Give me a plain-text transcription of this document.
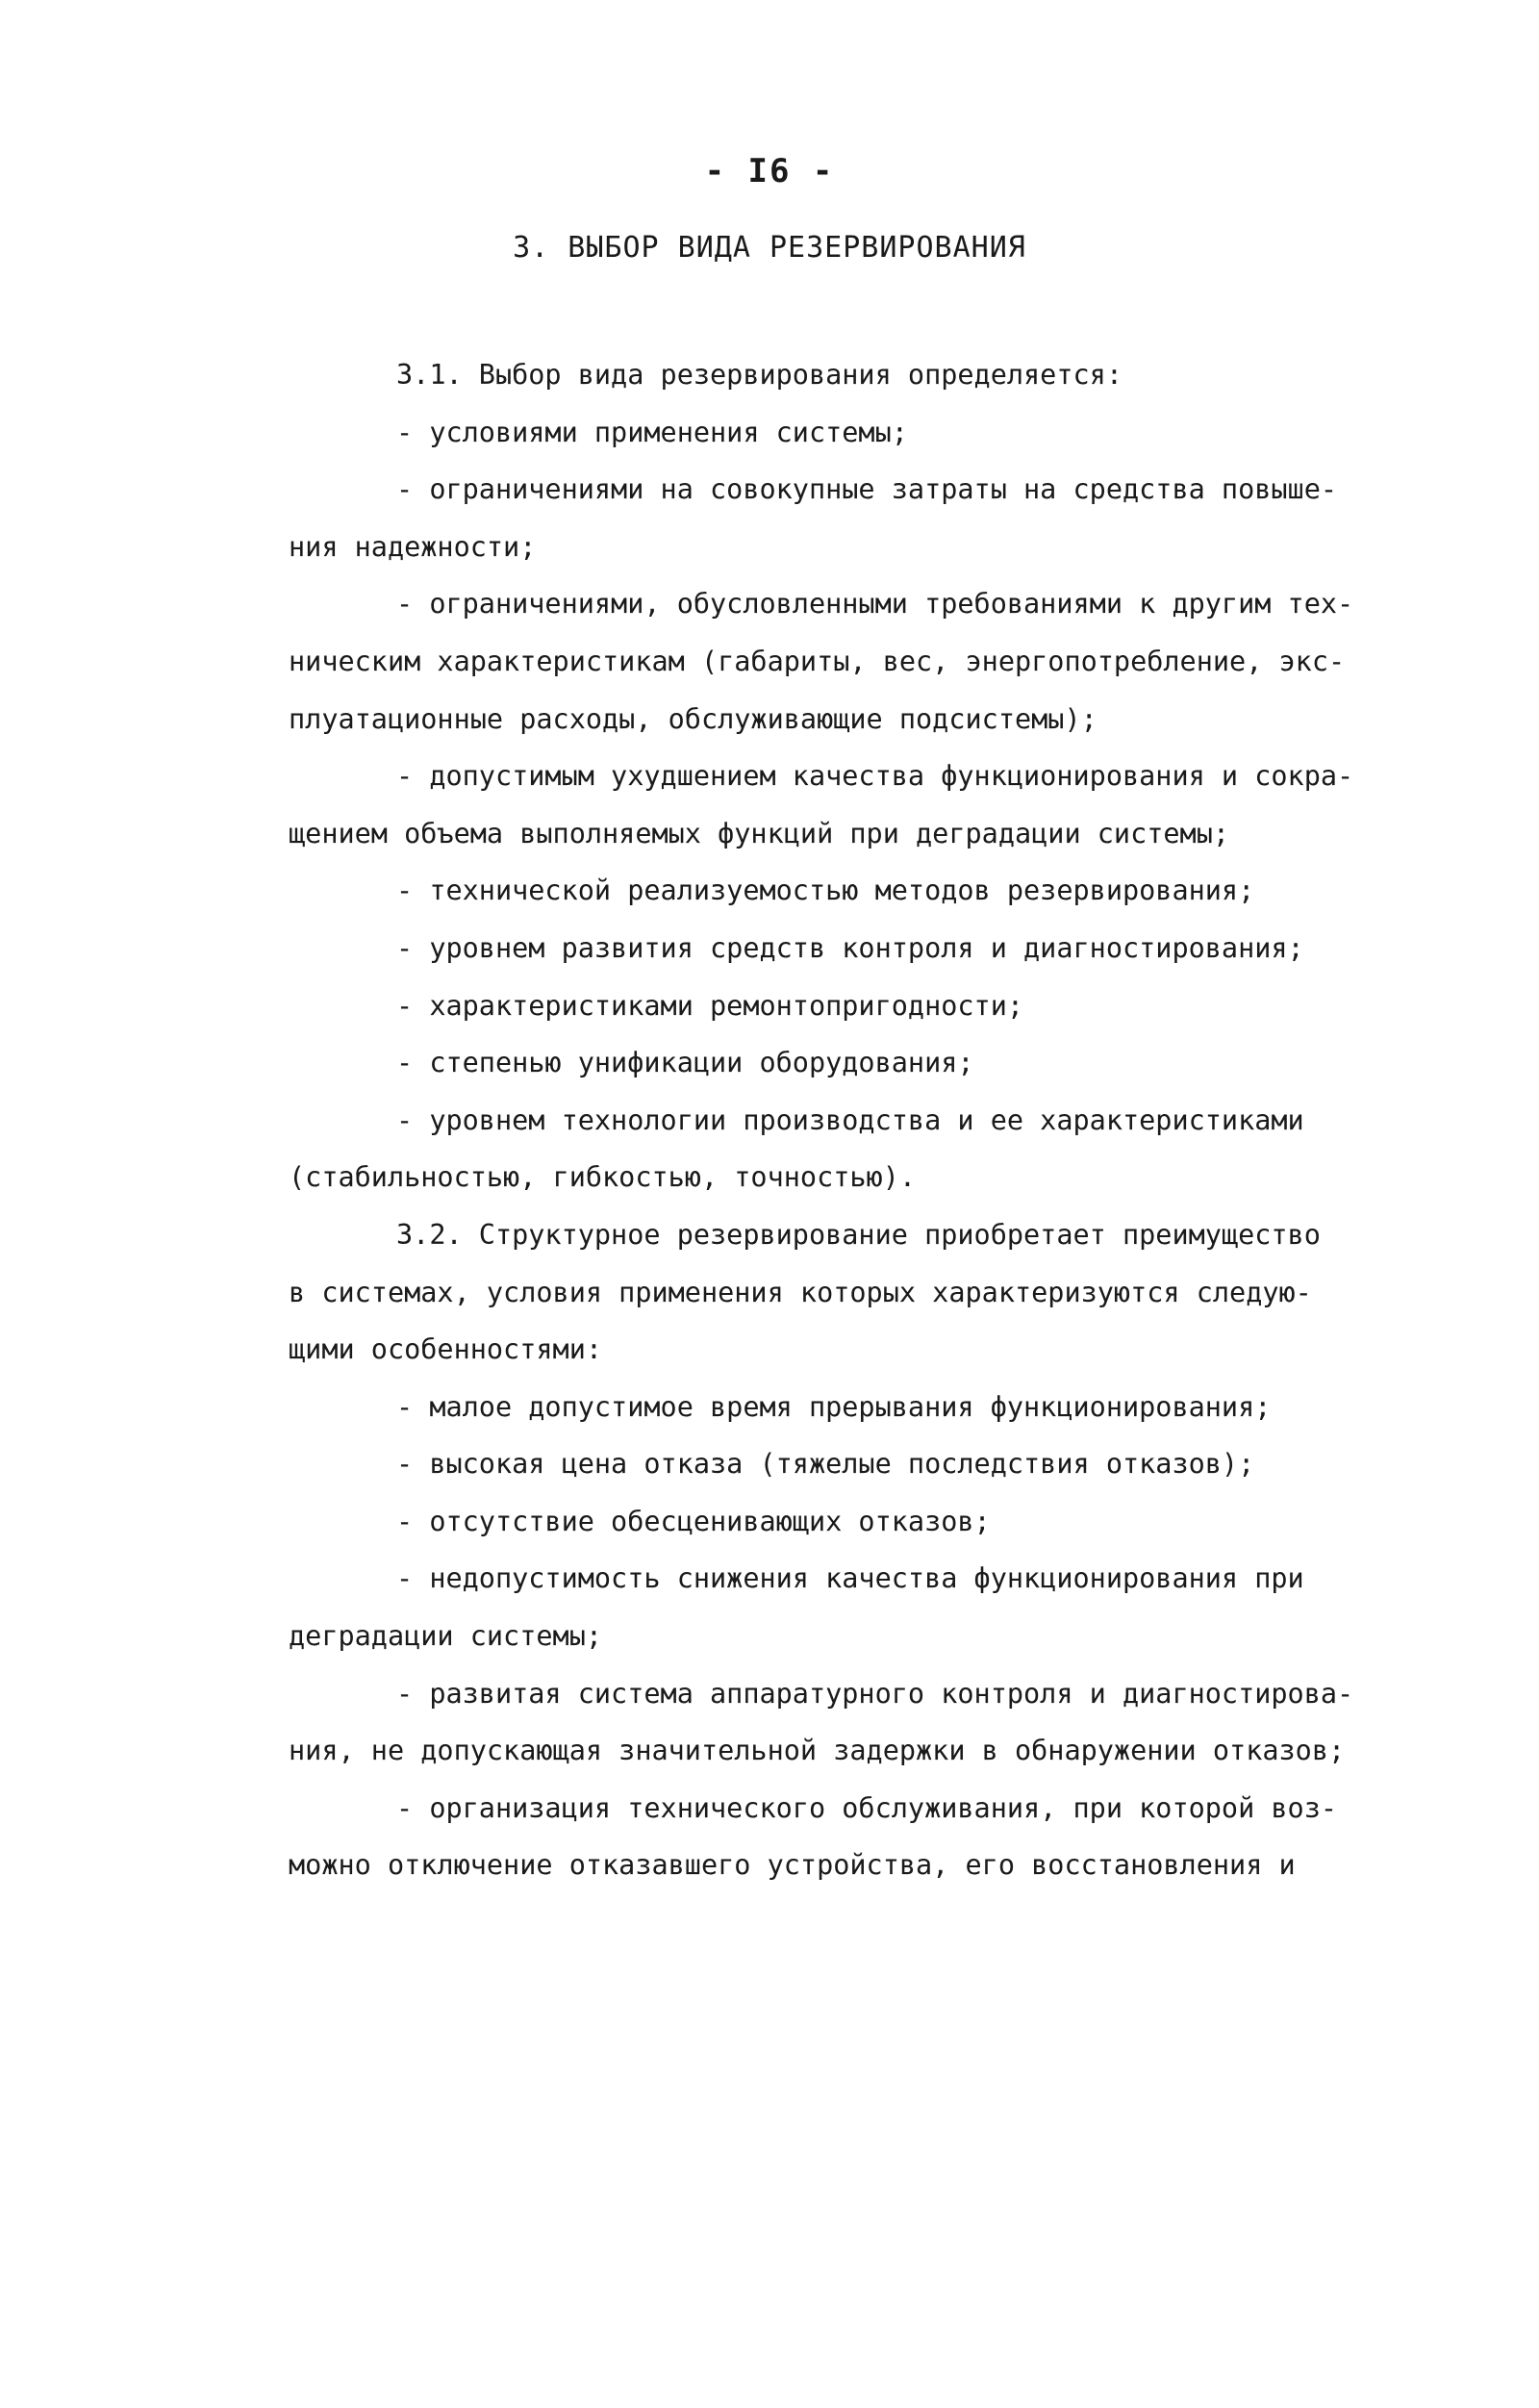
- I6 -
3. ВЫБОР ВИДА РЕЗЕРВИРОВАНИЯ
3.1. Выбор вида резервирования определяется:
- условиями применения системы;
- ограничениями на совокупные затраты на средства повыше-
ния надежности;
- ограничениями, обусловленными требованиями к другим тех-
ническим характеристикам (габариты, вес, энергопотребление, экс-
плуатационные расходы, обслуживающие подсистемы);
- допустимым ухудшением качества функционирования и сокра-
щением объема выполняемых функций при деградации системы;
- технической реализуемостью методов резервирования;
- уровнем развития средств контроля и диагностирования;
- характеристиками ремонтопригодности;
- степенью унификации оборудования;
- уровнем технологии производства и ее характеристиками
(стабильностью, гибкостью, точностью).
3.2. Структурное резервирование приобретает преимущество
в системах, условия применения которых характеризуются следую-
щими особенностями:
- малое допустимое время прерывания функционирования;
- высокая цена отказа (тяжелые последствия отказов);
- отсутствие обесценивающих отказов;
- недопустимость снижения качества функционирования при
деградации системы;
- развитая система аппаратурного контроля и диагностирова-
ния, не допускающая значительной задержки в обнаружении отказов;
- организация технического обслуживания, при которой воз-
можно отключение отказавшего устройства, его восстановления и
